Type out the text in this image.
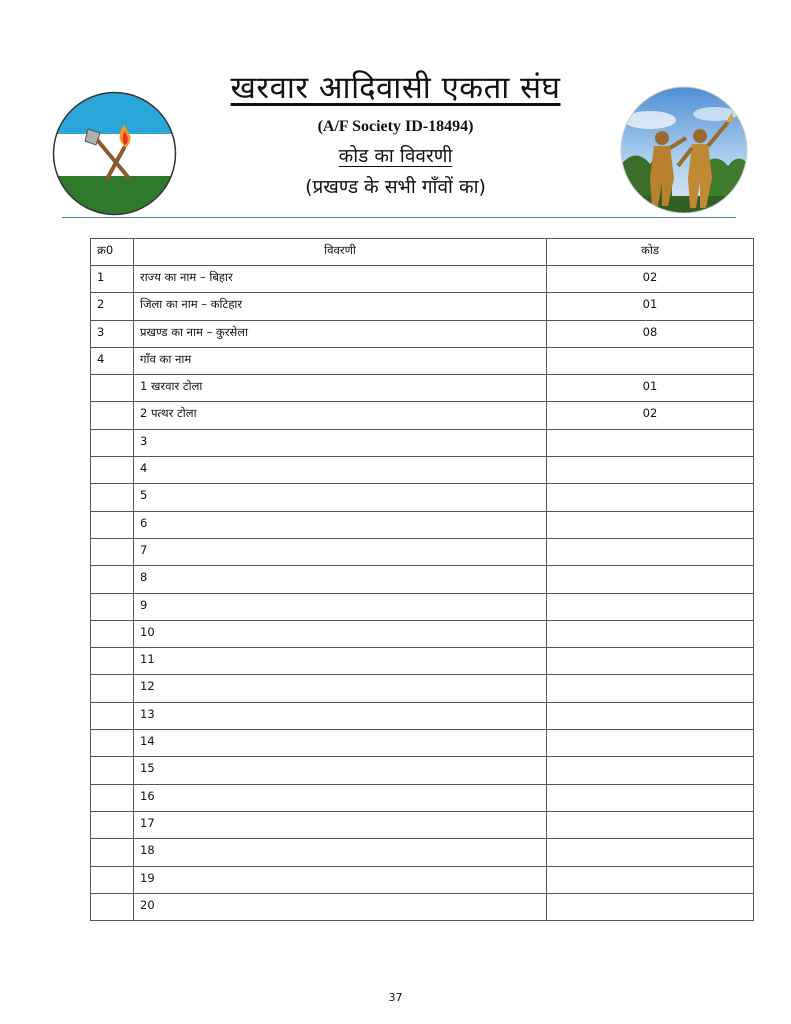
खरवार आदिवासी एकता संघ
(A/F Society ID-18494)
कोड का विवरणी
(प्रखण्ड के सभी गाँवों का)
क्र0	विवरणी	कोड
1	राज्य का नाम – बिहार	02
2	जिला का नाम – कटिहार	01
3	प्रखण्ड का नाम – कुरसेला	08
4	गाँव का नाम	
	1 खरवार टोला	01
	2 पत्थर टोला	02
	3	
	4	
	5	
	6	
	7	
	8	
	9	
	10	
	11	
	12	
	13	
	14	
	15	
	16	
	17	
	18	
	19	
	20	
37
